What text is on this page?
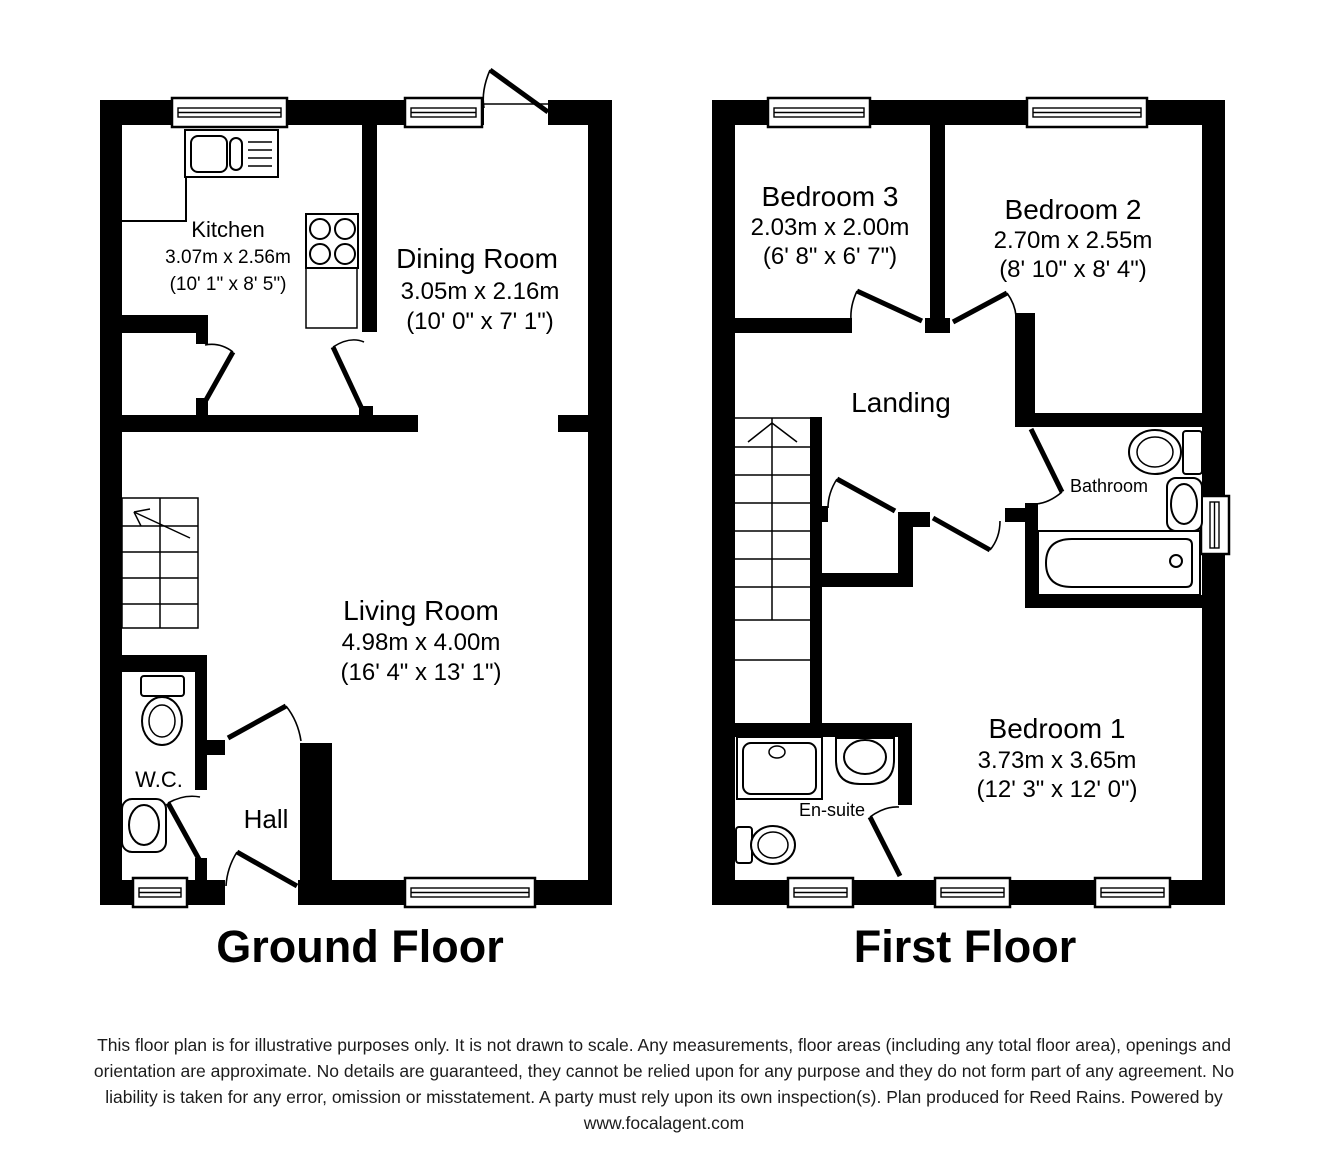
Kitchen
3.07m x 2.56m
(10' 1" x 8' 5")
Dining Room
3.05m x 2.16m
(10' 0" x 7' 1")
Living Room
4.98m x 4.00m
(16' 4" x 13' 1")
W.C.
Hall
Ground Floor
Bedroom 3
2.03m x 2.00m
(6' 8" x 6' 7")
Bedroom 2
2.70m x 2.55m
(8' 10" x 8' 4")
Landing
Bathroom
Bedroom 1
3.73m x 3.65m
(12' 3" x 12' 0")
En-suite
First Floor
This floor plan is for illustrative purposes only. It is not drawn to scale. Any measurements, floor areas (including any total floor area), openings and
orientation are approximate. No details are guaranteed, they cannot be relied upon for any purpose and they do not form part of any agreement. No
liability is taken for any error, omission or misstatement. A party must rely upon its own inspection(s). Plan produced for Reed Rains. Powered by
www.focalagent.com
